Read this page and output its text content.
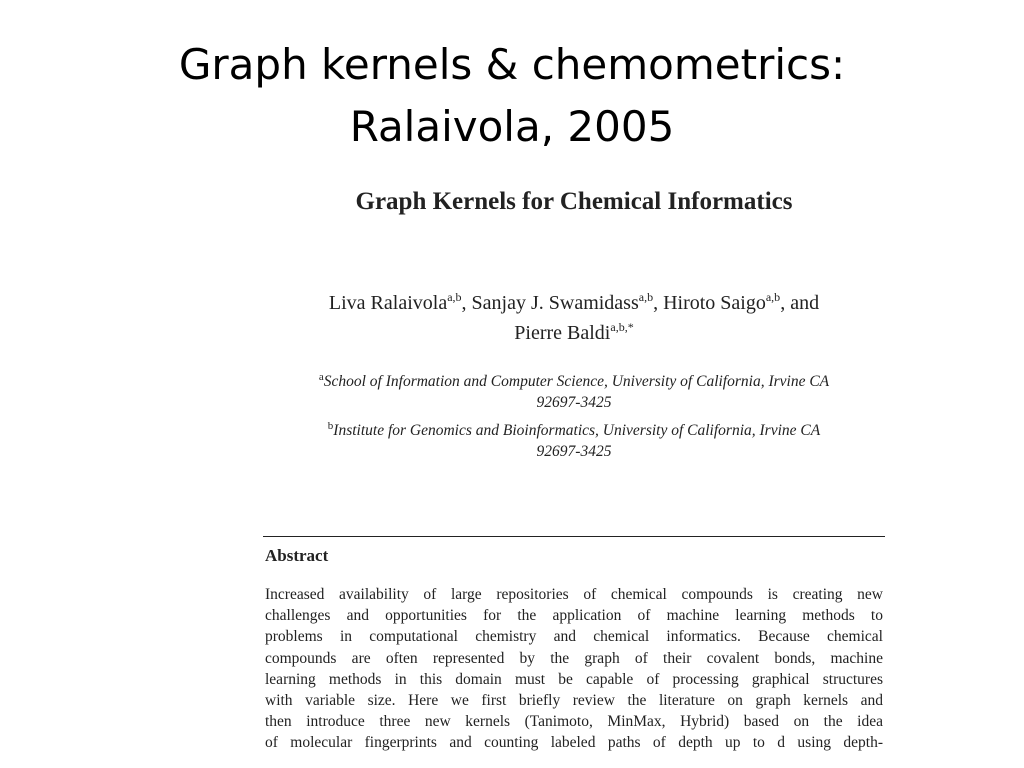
Graph kernels & chemometrics:
Ralaivola, 2005
Graph Kernels for Chemical Informatics
Liva Ralaivola$^{a,b}$, Sanjay J. Swamidass$^{a,b}$, Hiroto Saigo$^{a,b}$, and
Pierre Baldi$^{a,b,*}$
$^a$School of Information and Computer Science, University of California, Irvine CA
92697-3425
$^b$Institute for Genomics and Bioinformatics, University of California, Irvine CA
92697-3425
Abstract
Increased availability of large repositories of chemical compounds is creating new
challenges and opportunities for the application of machine learning methods to
problems in computational chemistry and chemical informatics. Because chemical
compounds are often represented by the graph of their covalent bonds, machine
learning methods in this domain must be capable of processing graphical structures
with variable size. Here we first briefly review the literature on graph kernels and
then introduce three new kernels (Tanimoto, MinMax, Hybrid) based on the idea
of molecular fingerprints and counting labeled paths of depth up to d using depth-
